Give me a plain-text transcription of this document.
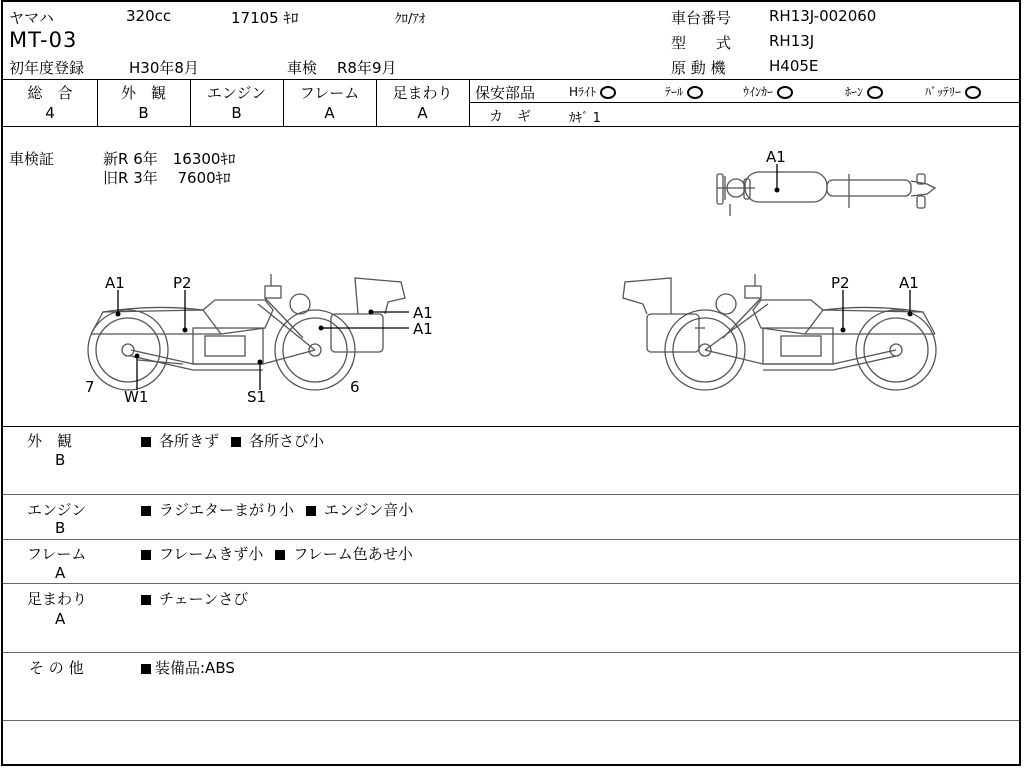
ヤマハ	320cc	17105 ｷﾛ	ｸﾛ/ｱｵ
MT-03
初年度登録	H30年8月	車検 R8年9月
車台番号	RH13J-002060
型　　式	RH13J
原 動 機	H405E
総　合
4
外　観
B
エンジン
B
フレーム
A
足まわり
A
保安部品	Hﾗｲﾄ	ﾃｰﾙ	ｳｲﾝｶｰ	ﾎｰﾝ	ﾊﾞｯﾃﾘｰ
カ　ギ	ｶｷﾞ 1
車検証	新R 6年　16300ｷﾛ
旧R 3年　 7600ｷﾛ
A1
A1	P2
A1
A1
7
W1	S1
6
P2	A1
外　観
B
各所きず 各所さび小
エンジン
B
ラジエターまがり小 エンジン音小
フレーム
A
フレームきず小 フレーム色あせ小
足まわり
A
チェーンさび
そ の 他	装備品:ABS
